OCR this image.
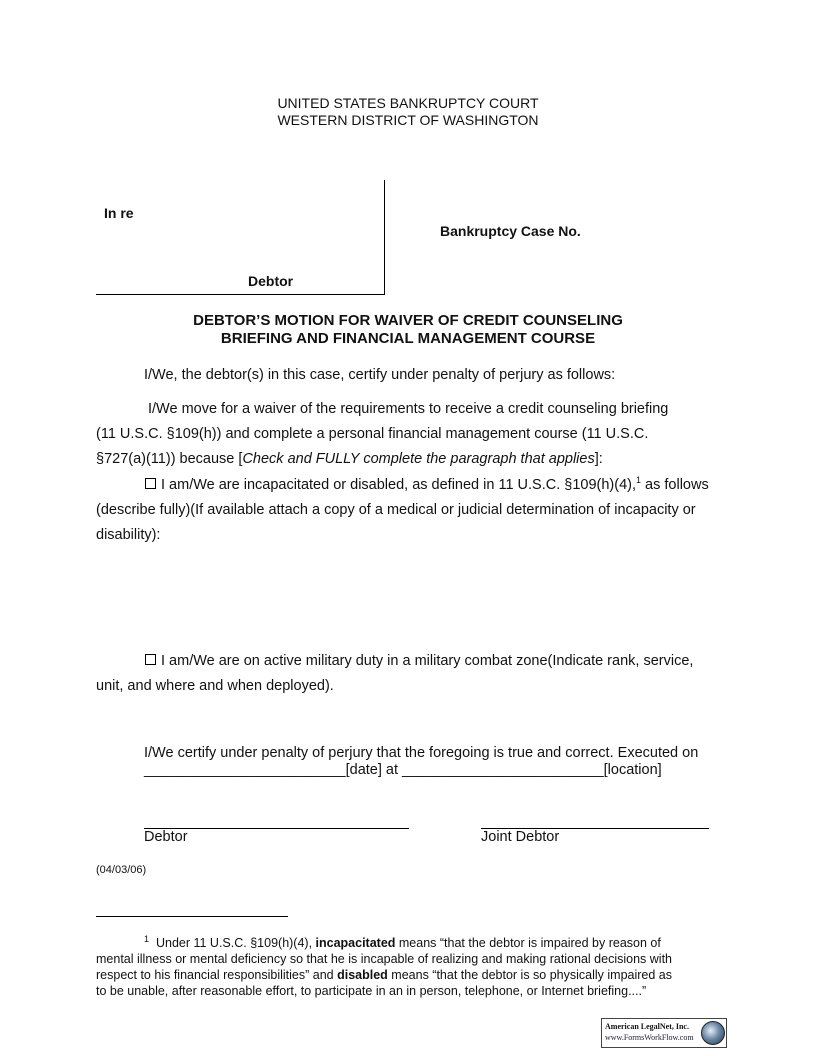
UNITED STATES BANKRUPTCY COURT
WESTERN DISTRICT OF WASHINGTON
In re
Debtor
Bankruptcy Case No.
DEBTOR’S MOTION FOR WAIVER OF CREDIT COUNSELING
BRIEFING AND FINANCIAL MANAGEMENT COURSE
I/We, the debtor(s) in this case, certify under penalty of perjury as follows:
I/We move for a waiver of the requirements to receive a credit counseling briefing
(11 U.S.C. §109(h)) and complete a personal financial management course (11 U.S.C.
§727(a)(11)) because [Check and FULLY complete the paragraph that applies]:
I am/We are incapacitated or disabled, as defined in 11 U.S.C. §109(h)(4),$^1$ as follows
(describe fully)(If available attach a copy of a medical or judicial determination of incapacity or
disability):
I am/We are on active military duty in a military combat zone(Indicate rank, service,
unit, and where and when deployed).
I/We certify under penalty of perjury that the foregoing is true and correct. Executed on
_________________________[date] at _________________________[location]
Debtor	Joint Debtor
(04/03/06)
$^1$ Under 11 U.S.C. §109(h)(4), incapacitated means “that the debtor is impaired by reason of
mental illness or mental deficiency so that he is incapable of realizing and making rational decisions with
respect to his financial responsibilities” and disabled means “that the debtor is so physically impaired as
to be unable, after reasonable effort, to participate in an in person, telephone, or Internet briefing....”
American LegalNet, Inc.
www.FormsWorkFlow.com
